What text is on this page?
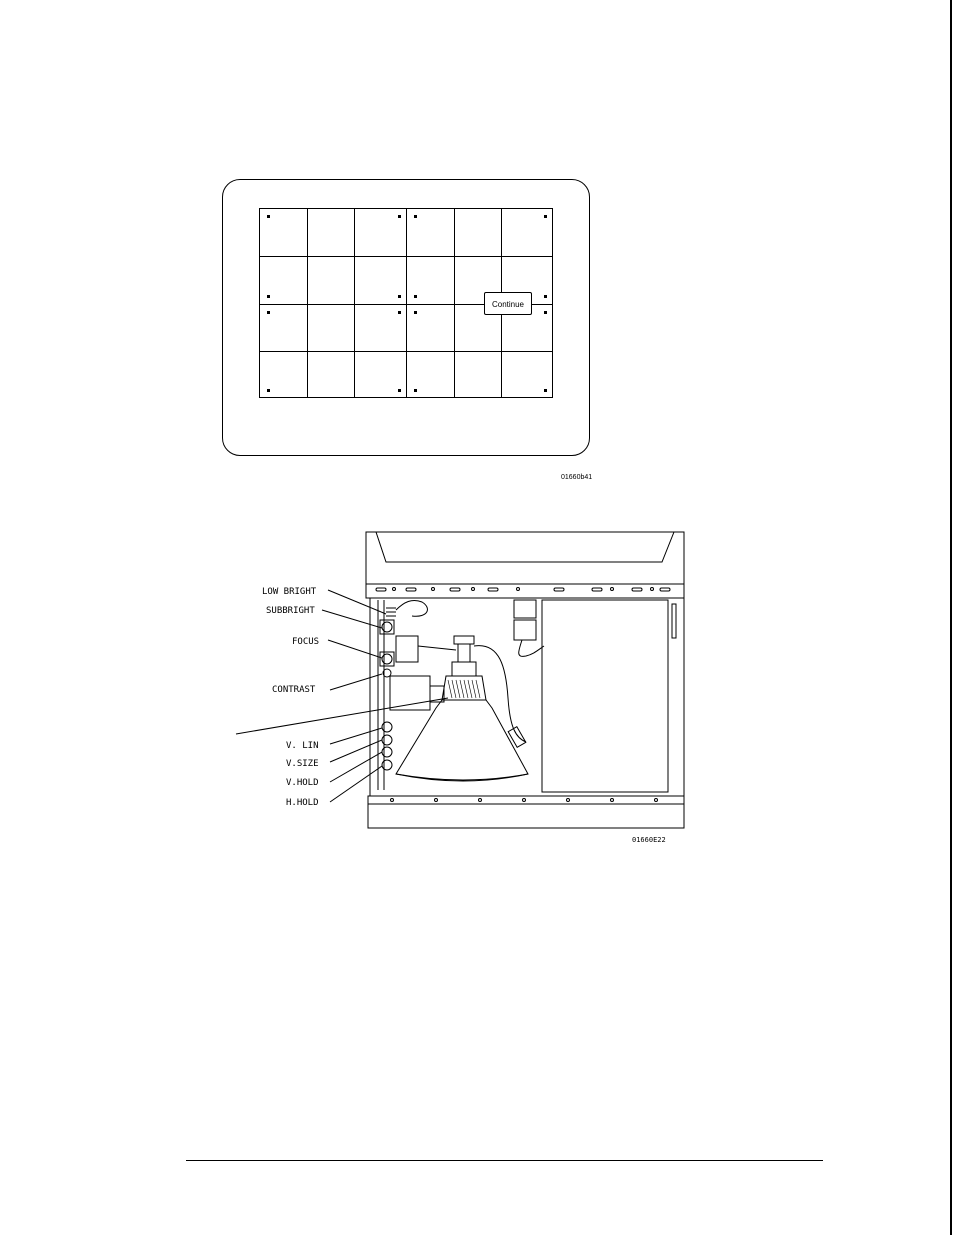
Continue
01660b41
LOW BRIGHT
SUBBRIGHT
FOCUS
CONTRAST
V. LIN
V.SIZE
V.HOLD
H.HOLD
01660E22
